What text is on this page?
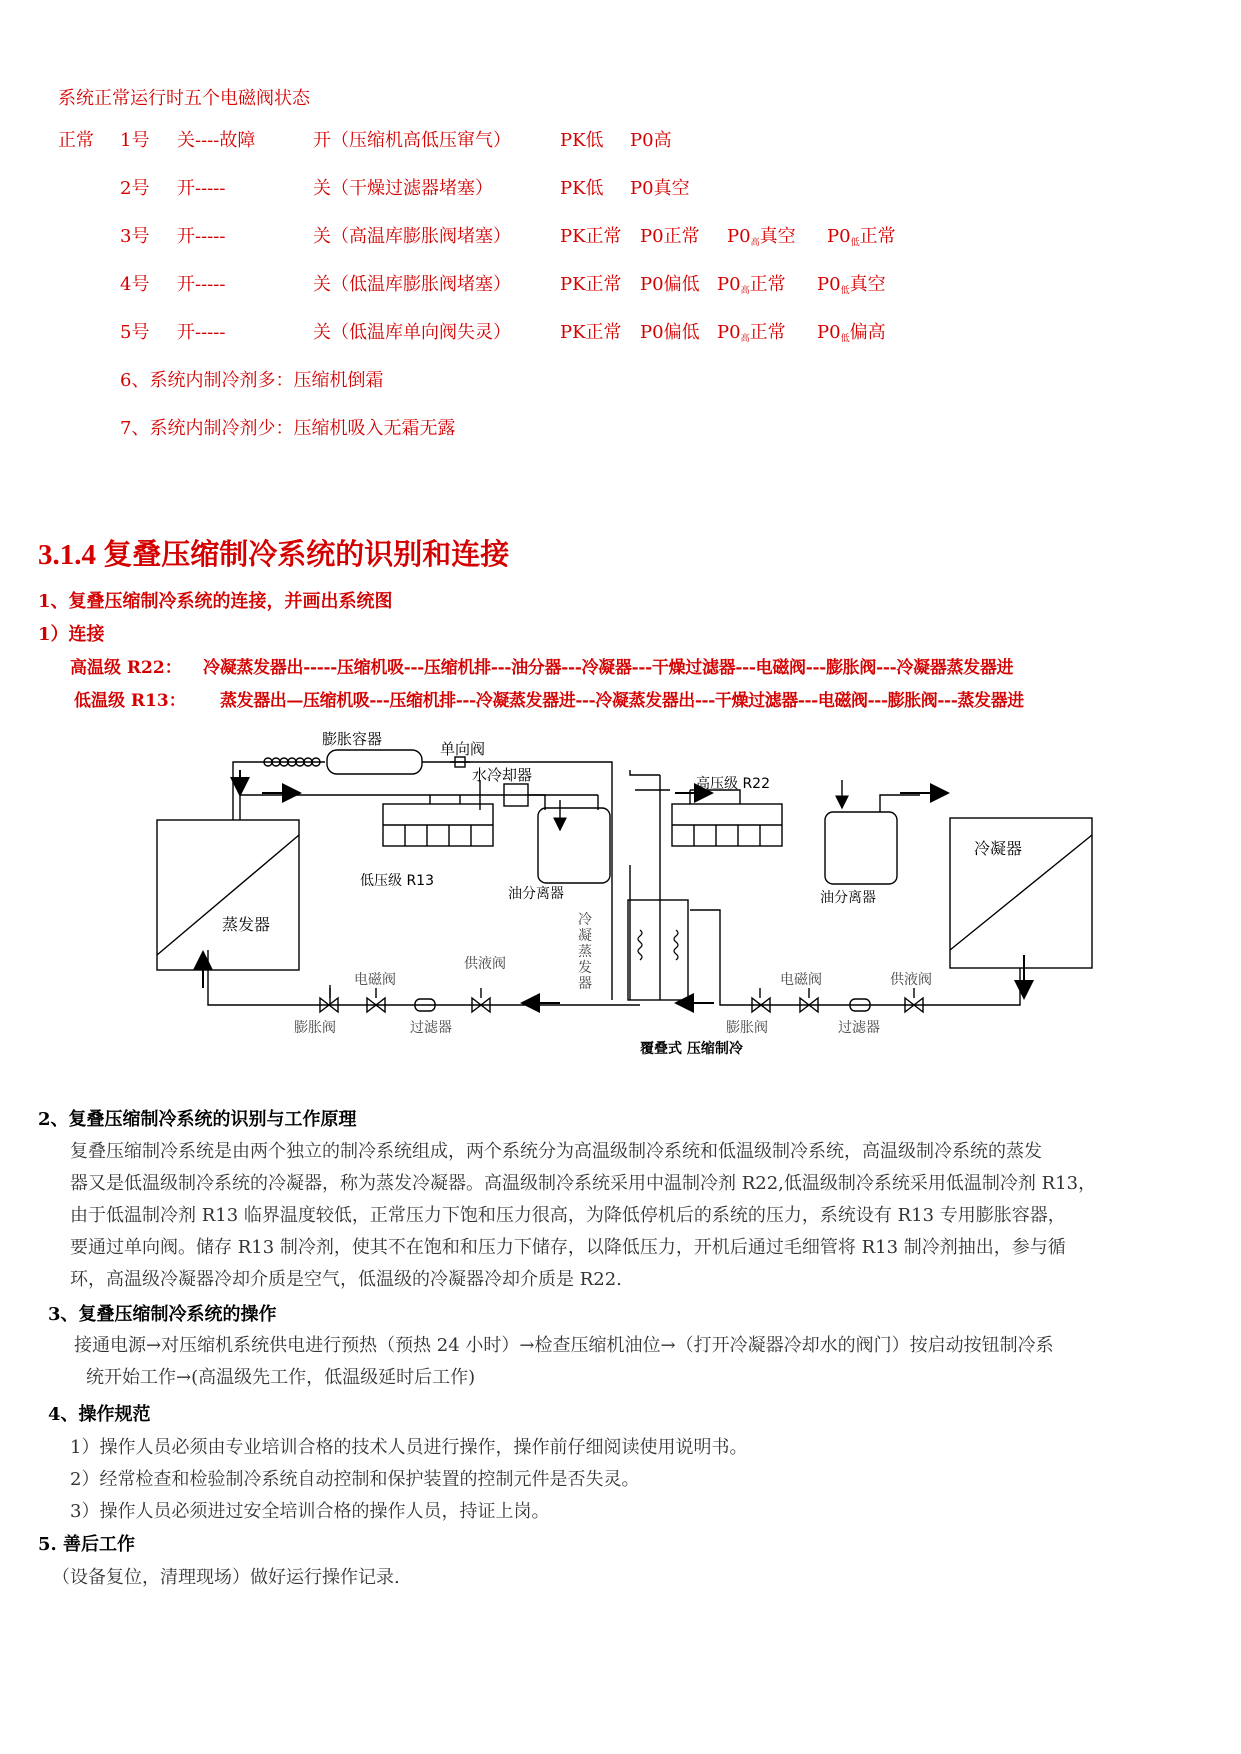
系统正常运行时五个电磁阀状态
正常 1号 关----故障	开（压缩机高低压窜气）	PK低 P0高
2号 开-----	关（干燥过滤器堵塞）	PK低 P0真空
3号 开-----	关（高温库膨胀阀堵塞）	PK正常 P0正常 $P0_高$真空 $P0_低$正常
4号 开-----	关（低温库膨胀阀堵塞）	PK正常 P0偏低 $P0_高$正常 $P0_低$真空
5号 开-----	关（低温库单向阀失灵）	PK正常 P0偏低 $P0_高$正常 $P0_低$偏高
6、系统内制冷剂多：压缩机倒霜
7、系统内制冷剂少：压缩机吸入无霜无露
3.1.4 复叠压缩制冷系统的识别和连接
1、复叠压缩制冷系统的连接，并画出系统图
1）连接
高温级 R22： 冷凝蒸发器出-----压缩机吸---压缩机排---油分器---冷凝器---干燥过滤器---电磁阀---膨胀阀---冷凝器蒸发器进
低温级 R13： 蒸发器出—压缩机吸---压缩机排---冷凝蒸发器进---冷凝蒸发器出---干燥过滤器---电磁阀---膨胀阀---蒸发器进
膨胀容器
单向阀
水冷却器
低压级 R13
油分离器
蒸发器
高压级 R22
油分离器
冷凝器
电磁阀
供液阀
膨胀阀	过滤器
电磁阀	供液阀
膨胀阀	过滤器
覆叠式 压缩制冷
冷凝蒸发器
2、复叠压缩制冷系统的识别与工作原理
复叠压缩制冷系统是由两个独立的制冷系统组成，两个系统分为高温级制冷系统和低温级制冷系统，高温级制冷系统的蒸发
器又是低温级制冷系统的冷凝器，称为蒸发冷凝器。高温级制冷系统采用中温制冷剂 R22,低温级制冷系统采用低温制冷剂 R13，
由于低温制冷剂 R13 临界温度较低，正常压力下饱和压力很高，为降低停机后的系统的压力，系统设有 R13 专用膨胀容器，
要通过单向阀。储存 R13 制冷剂，使其不在饱和和压力下储存，以降低压力，开机后通过毛细管将 R13 制冷剂抽出，参与循
环，高温级冷凝器冷却介质是空气，低温级的冷凝器冷却介质是 R22.
3、复叠压缩制冷系统的操作
接通电源→对压缩机系统供电进行预热（预热 24 小时）→检查压缩机油位→（打开冷凝器冷却水的阀门）按启动按钮制冷系
统开始工作→(高温级先工作，低温级延时后工作)
4、操作规范
1）操作人员必须由专业培训合格的技术人员进行操作，操作前仔细阅读使用说明书。
2）经常检查和检验制冷系统自动控制和保护装置的控制元件是否失灵。
3）操作人员必须进过安全培训合格的操作人员，持证上岗。
5. 善后工作
（设备复位，清理现场）做好运行操作记录.
